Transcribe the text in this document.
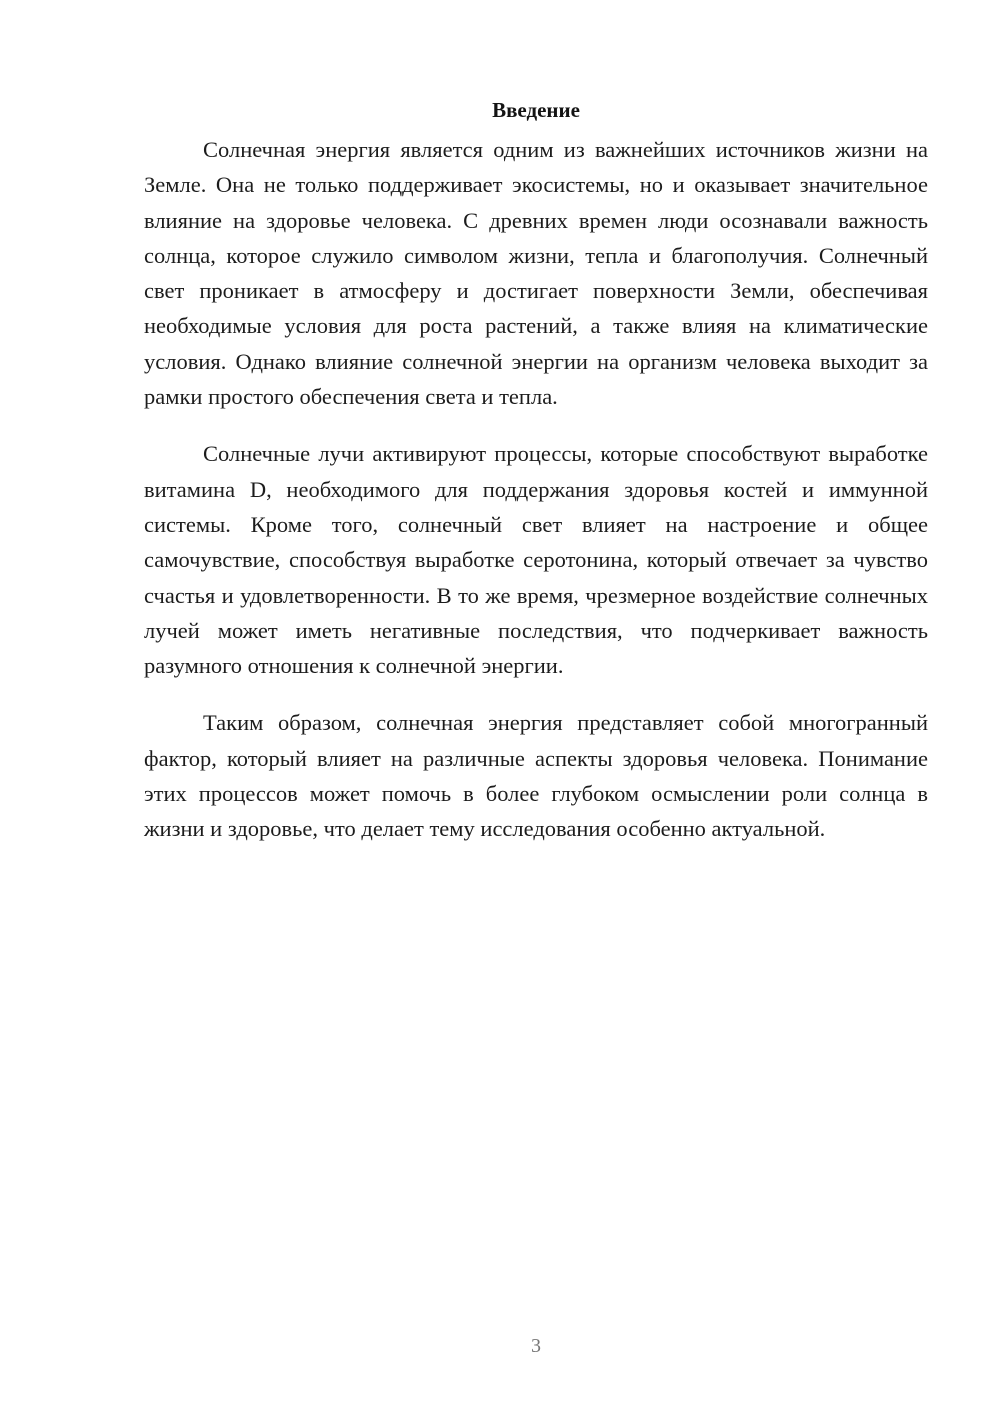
Введение

Солнечная энергия является одним из важнейших источников жизни на Земле. Она не только поддерживает экосистемы, но и оказывает значительное влияние на здоровье человека. С древних времен люди осознавали важность солнца, которое служило символом жизни, тепла и благополучия. Солнечный свет проникает в атмосферу и достигает поверхности Земли, обеспечивая необходимые условия для роста растений, а также влияя на климатические условия. Однако влияние солнечной энергии на организм человека выходит за рамки простого обеспечения света и тепла.

Солнечные лучи активируют процессы, которые способствуют выработке витамина D, необходимого для поддержания здоровья костей и иммунной системы. Кроме того, солнечный свет влияет на настроение и общее самочувствие, способствуя выработке серотонина, который отвечает за чувство счастья и удовлетворенности. В то же время, чрезмерное воздействие солнечных лучей может иметь негативные последствия, что подчеркивает важность разумного отношения к солнечной энергии.

Таким образом, солнечная энергия представляет собой многогранный фактор, который влияет на различные аспекты здоровья человека. Понимание этих процессов может помочь в более глубоком осмыслении роли солнца в жизни и здоровье, что делает тему исследования особенно актуальной.

3
